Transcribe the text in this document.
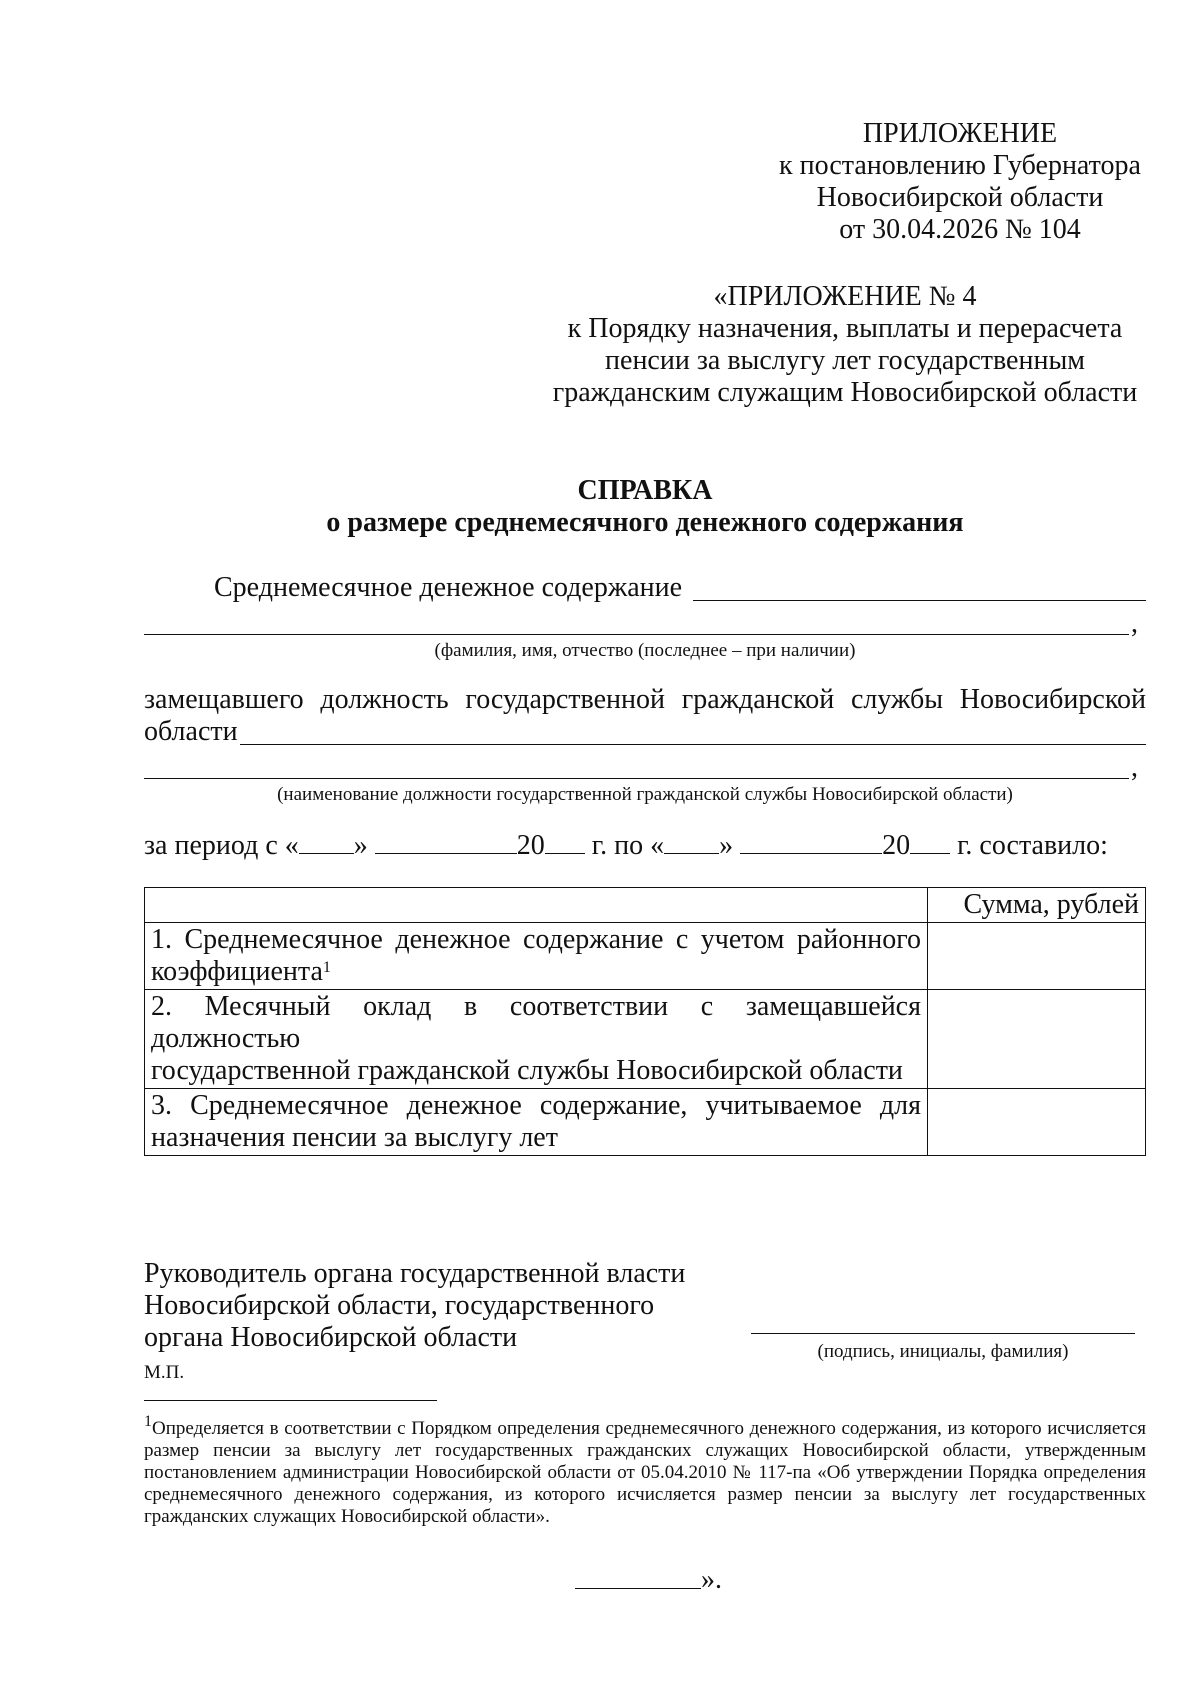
ПРИЛОЖЕНИЕ
к постановлению Губернатора
Новосибирской области
от 30.04.2026 № 104
«ПРИЛОЖЕНИЕ № 4
к Порядку назначения, выплаты и перерасчета
пенсии за выслугу лет государственным
гражданским служащим Новосибирской области
СПРАВКА
о размере среднемесячного денежного содержания
Среднемесячное денежное содержание
,
(фамилия, имя, отчество (последнее – при наличии)
замещавшего должность государственной гражданской службы Новосибирской
области
,
(наименование должности государственной гражданской службы Новосибирской области)
за период с « »	20 г. по « »	20 г. составило:
	Сумма, рублей

1. Среднемесячное денежное содержание с учетом районного
коэффициента$^1$

2. Месячный оклад в соответствии с замещавшейся должностью
государственной гражданской службы Новосибирской области	

3. Среднемесячное денежное содержание, учитываемое для
назначения пенсии за выслугу лет	

Руководитель органа государственной власти
Новосибирской области, государственного
органа Новосибирской области	(подпись, инициалы, фамилия)
М.П.
$^1$Определяется в соответствии с Порядком определения среднемесячного денежного содержания, из которого исчисляется размер пенсии за выслугу лет государственных гражданских служащих Новосибирской области, утвержденным постановлением администрации Новосибирской области от 05.04.2010 № 117-па «Об утверждении Порядка определения среднемесячного денежного содержания, из которого исчисляется размер пенсии за выслугу лет государственных гражданских служащих Новосибирской области».
».
